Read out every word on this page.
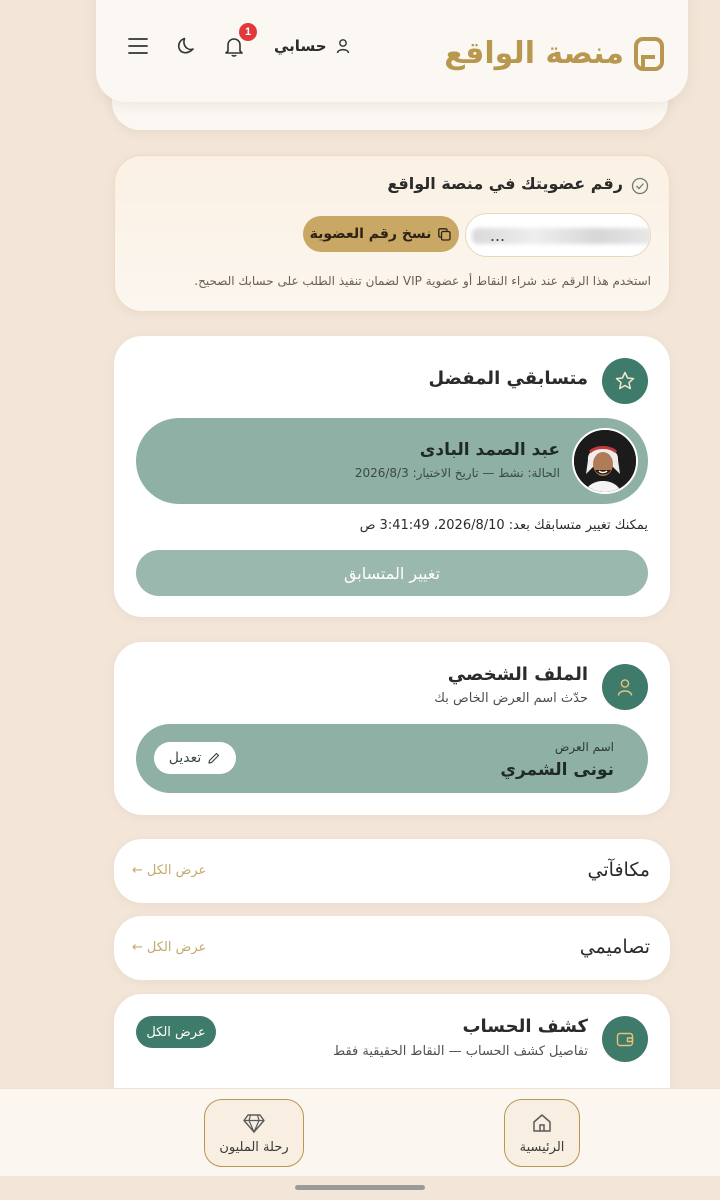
منصة الواقع
حسابي
1
رقم عضويتك في منصة الواقع
...
نسخ رقم العضوية
استخدم هذا الرقم عند شراء النقاط أو عضوية VIP لضمان تنفيذ الطلب على حسابك الصحيح.
متسابقي المفضل
عبد الصمد البادى
الحالة: نشط — تاريخ الاختيار: 2026/8/3
يمكنك تغيير متسابقك بعد: 2026/8/10، 3:41:49 ص
تغيير المتسابق
الملف الشخصي
حدّث اسم العرض الخاص بك
اسم العرض
نونى الشمري
تعديل
مكافآتي
عرض الكل
←
تصاميمي
عرض الكل
←
كشف الحساب
تفاصيل كشف الحساب — النقاط الحقيقية فقط
عرض الكل
الرئيسية
رحلة المليون
